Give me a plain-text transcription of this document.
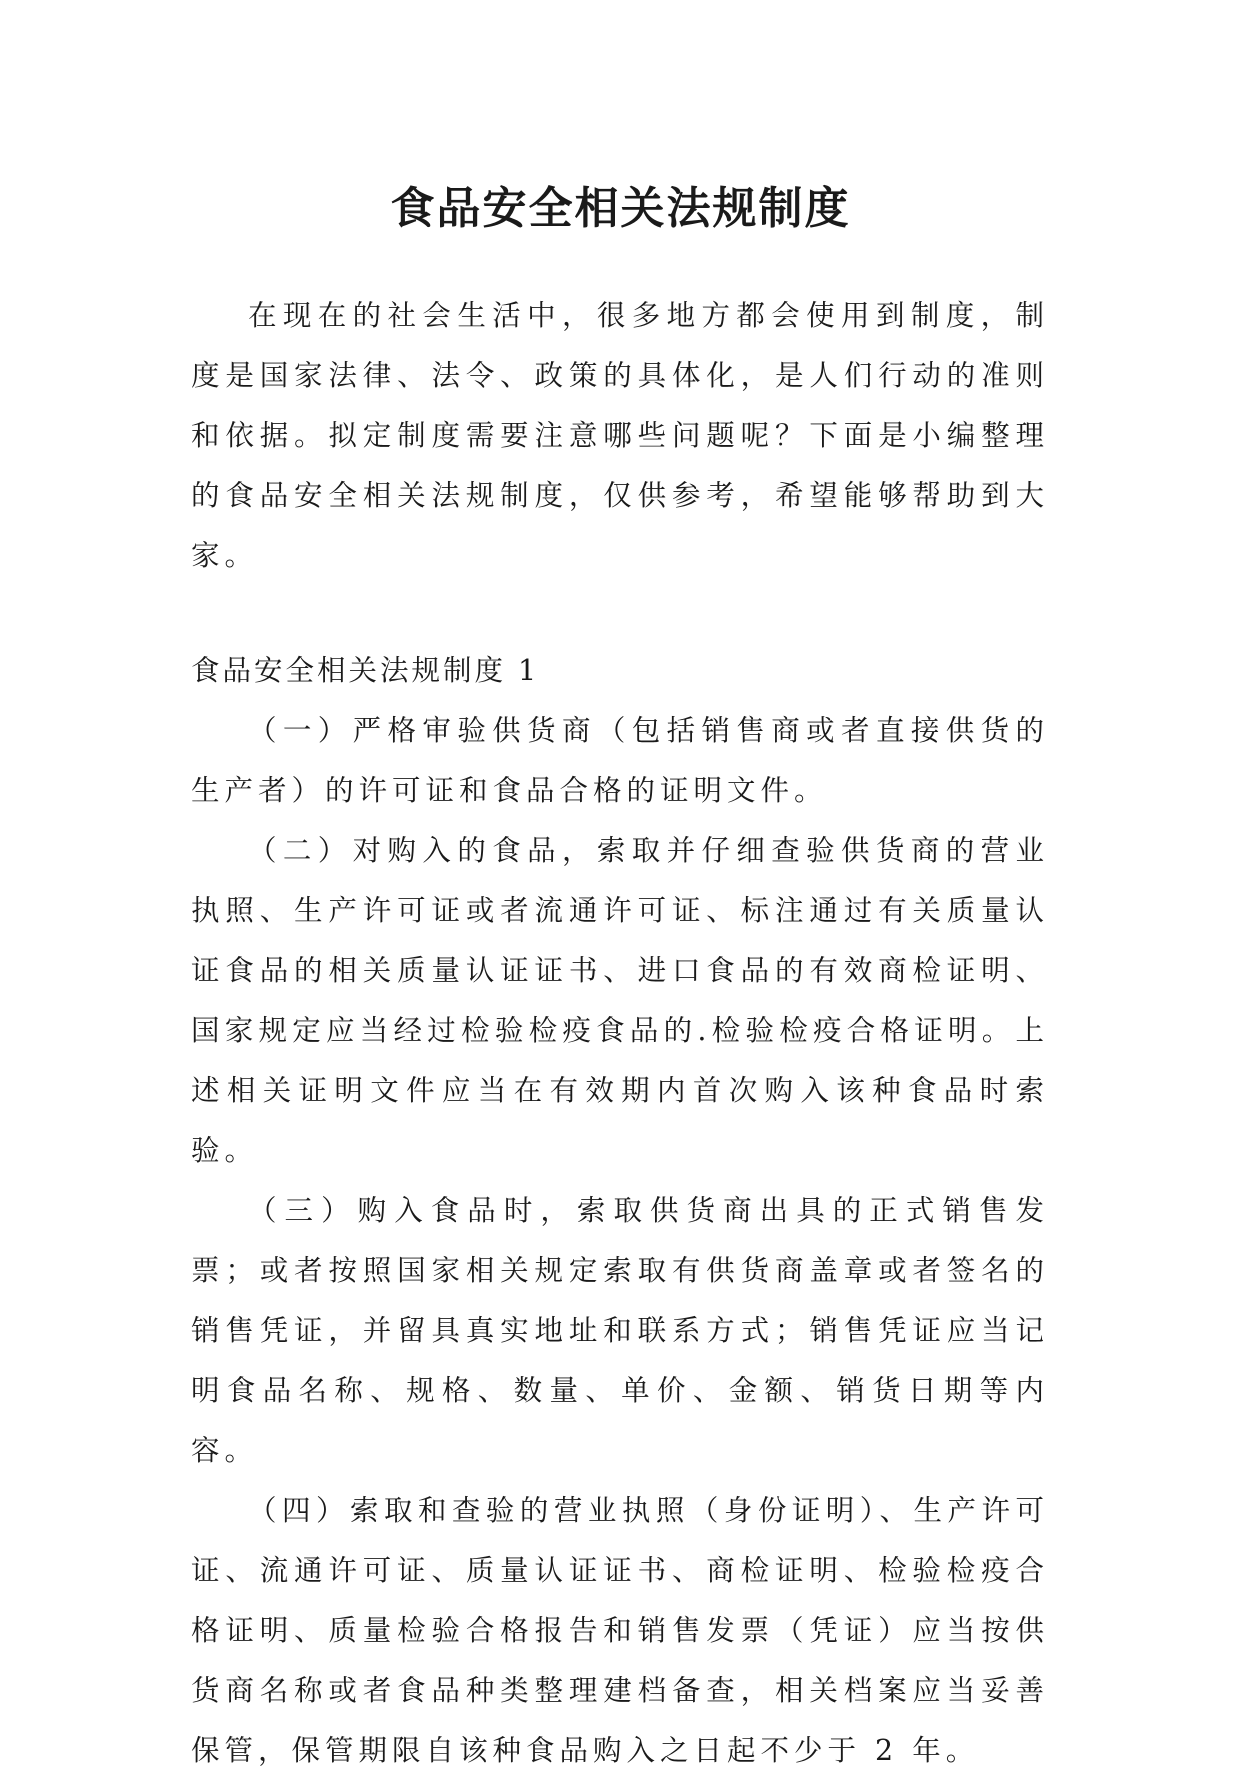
食品安全相关法规制度

在现在的社会生活中，很多地方都会使用到制度，制度是国家法律、法令、政策的具体化，是人们行动的准则和依据。拟定制度需要注意哪些问题呢？下面是小编整理的食品安全相关法规制度，仅供参考，希望能够帮助到大家。

食品安全相关法规制度 1

（一）严格审验供货商（包括销售商或者直接供货的生产者）的许可证和食品合格的证明文件。

（二）对购入的食品，索取并仔细查验供货商的营业执照、生产许可证或者流通许可证、标注通过有关质量认证食品的相关质量认证证书、进口食品的有效商检证明、国家规定应当经过检验检疫食品的.检验检疫合格证明。上述相关证明文件应当在有效期内首次购入该种食品时索验。

（三）购入食品时，索取供货商出具的正式销售发票；或者按照国家相关规定索取有供货商盖章或者签名的销售凭证，并留具真实地址和联系方式；销售凭证应当记明食品名称、规格、数量、单价、金额、销货日期等内容。

（四）索取和查验的营业执照（身份证明）、生产许可证、流通许可证、质量认证证书、商检证明、检验检疫合格证明、质量检验合格报告和销售发票（凭证）应当按供货商名称或者食品种类整理建档备查，相关档案应当妥善保管，保管期限自该种食品购入之日起不少于 2 年。
